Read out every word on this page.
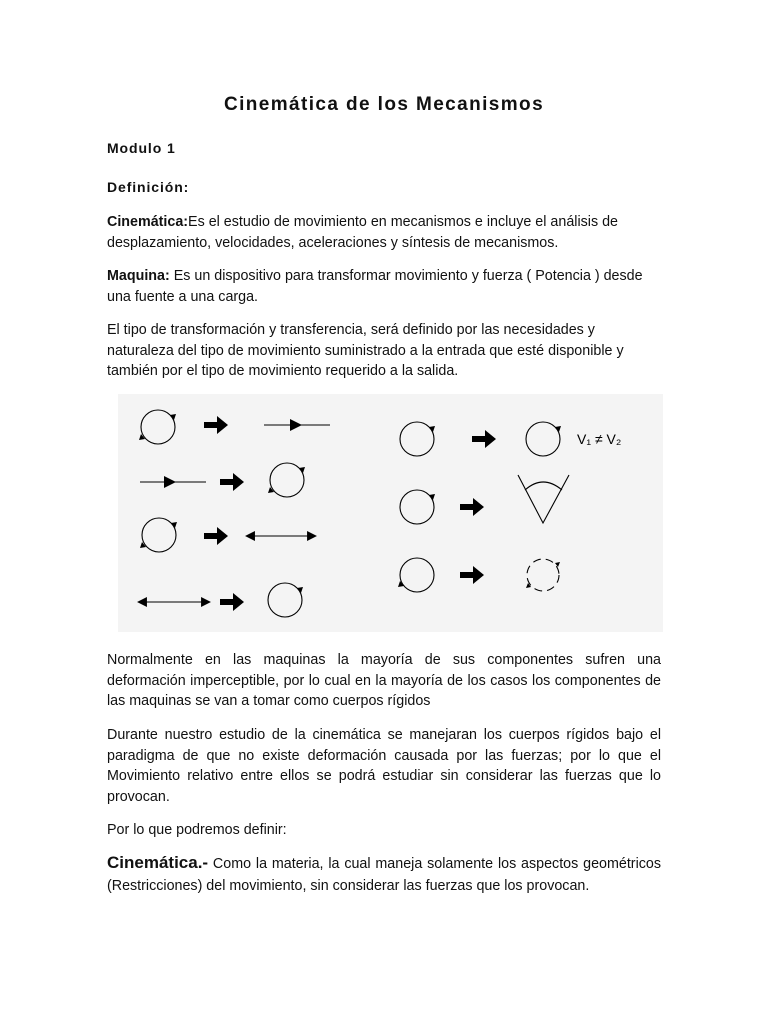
Cinemática de los Mecanismos
Modulo 1
Definición:
Cinemática:Es el estudio de movimiento en mecanismos e incluye el análisis de desplazamiento, velocidades, aceleraciones y síntesis de mecanismos.
Maquina: Es un dispositivo para transformar movimiento y fuerza ( Potencia ) desde una fuente a una carga.
El tipo de transformación y transferencia, será definido por las necesidades y naturaleza del tipo de movimiento suministrado a la entrada que esté disponible y también por el tipo de movimiento requerido a la salida.
V₁ ≠ V₂
Normalmente en las maquinas la mayoría de sus componentes sufren una deformación imperceptible, por lo cual en la mayoría de los casos los componentes de las maquinas se van a tomar como cuerpos rígidos
Durante nuestro estudio de la cinemática se manejaran los cuerpos rígidos bajo el paradigma de que no existe deformación causada por las fuerzas; por lo que el Movimiento relativo entre ellos se podrá estudiar sin considerar las fuerzas que lo provocan.
Por lo que podremos definir:
Cinemática.- Como la materia, la cual maneja solamente los aspectos geométricos (Restricciones) del movimiento, sin considerar las fuerzas que los provocan.
